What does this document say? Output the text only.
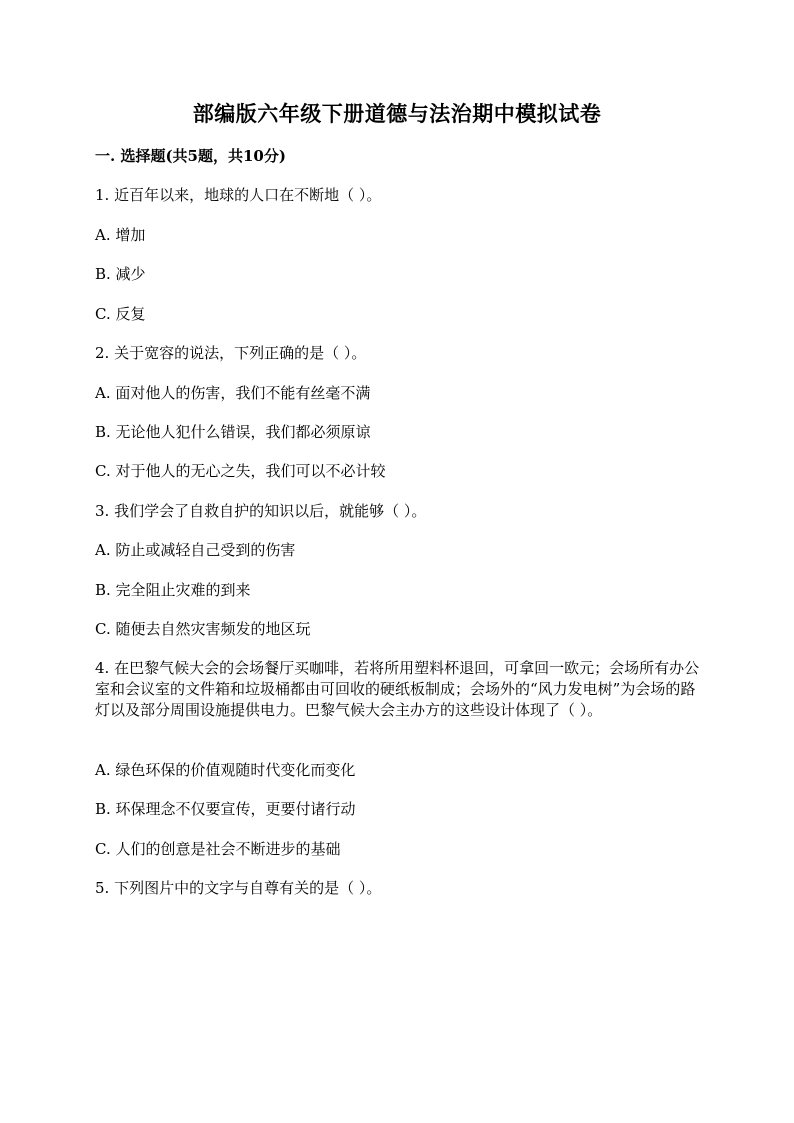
部编版六年级下册道德与法治期中模拟试卷
一. 选择题(共5题，共10分)
1. 近百年以来，地球的人口在不断地（ ）。
A. 增加
B. 减少
C. 反复
2. 关于宽容的说法，下列正确的是（ ）。
A. 面对他人的伤害，我们不能有丝毫不满
B. 无论他人犯什么错误，我们都必须原谅
C. 对于他人的无心之失，我们可以不必计较
3. 我们学会了自救自护的知识以后，就能够（ ）。
A. 防止或减轻自己受到的伤害
B. 完全阻止灾难的到来
C. 随便去自然灾害频发的地区玩
4. 在巴黎气候大会的会场餐厅买咖啡，若将所用塑料杯退回，可拿回一欧元；会场所有办公室和会议室的文件箱和垃圾桶都由可回收的硬纸板制成；会场外的“风力发电树”为会场的路灯以及部分周围设施提供电力。巴黎气候大会主办方的这些设计体现了（ ）。
A. 绿色环保的价值观随时代变化而变化
B. 环保理念不仅要宣传，更要付诸行动
C. 人们的创意是社会不断进步的基础
5. 下列图片中的文字与自尊有关的是（ ）。
